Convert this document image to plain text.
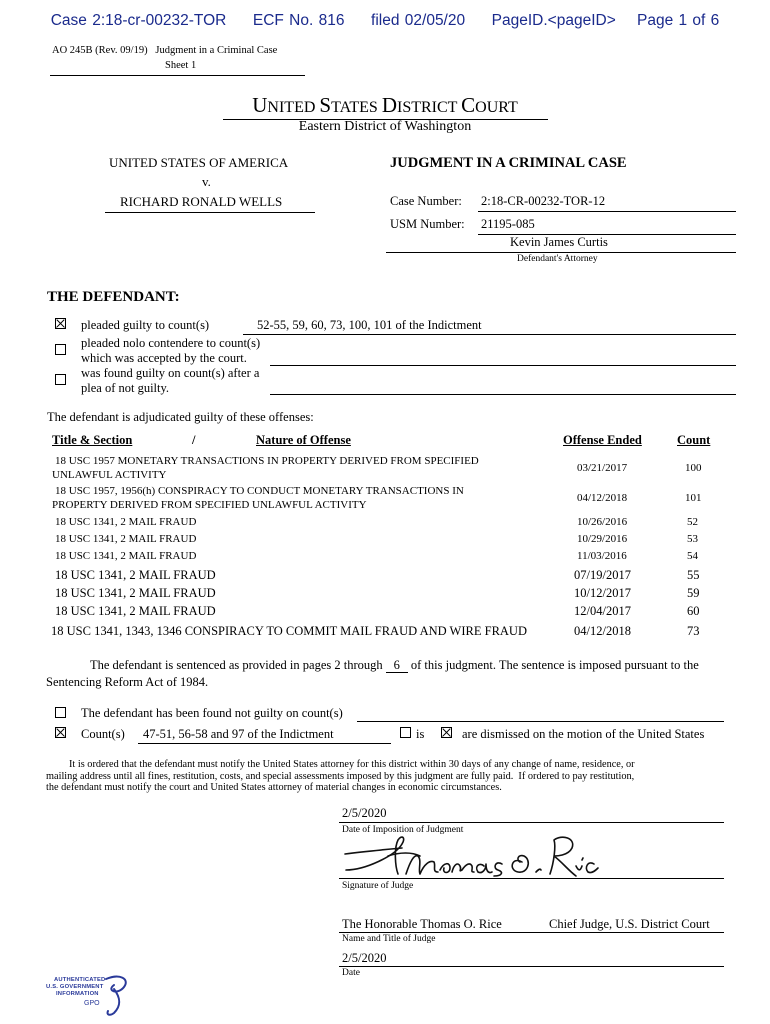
Case 2:18-cr-00232-TOR ECF No. 816 filed 02/05/20 PageID.<pageID> Page 1 of 6
AO 245B (Rev. 09/19)   Judgment in a Criminal Case
Sheet 1
UNITED STATES DISTRICT COURT
Eastern District of Washington
UNITED STATES OF AMERICA
v.
RICHARD RONALD WELLS
JUDGMENT IN A CRIMINAL CASE
Case Number: 2:18-CR-00232-TOR-12
USM Number: 21195-085
Kevin James Curtis
Defendant's Attorney
THE DEFENDANT:
pleaded guilty to count(s)	52-55, 59, 60, 73, 100, 101 of the Indictment
pleaded nolo contendere to count(s)
which was accepted by the court.
was found guilty on count(s) after a
plea of not guilty.
The defendant is adjudicated guilty of these offenses:
Title & Section	/	Nature of Offense	Offense Ended	Count
18 USC 1957 MONETARY TRANSACTIONS IN PROPERTY DERIVED FROM SPECIFIED
UNLAWFUL ACTIVITY
03/21/2017	100
18 USC 1957, 1956(h) CONSPIRACY TO CONDUCT MONETARY TRANSACTIONS IN
PROPERTY DERIVED FROM SPECIFIED UNLAWFUL ACTIVITY
04/12/2018	101
18 USC 1341, 2 MAIL FRAUD	10/26/2016	52
18 USC 1341, 2 MAIL FRAUD	10/29/2016	53
18 USC 1341, 2 MAIL FRAUD	11/03/2016	54
18 USC 1341, 2 MAIL FRAUD	07/19/2017	55
18 USC 1341, 2 MAIL FRAUD	10/12/2017	59
18 USC 1341, 2 MAIL FRAUD	12/04/2017	60
18 USC 1341, 1343, 1346 CONSPIRACY TO COMMIT MAIL FRAUD AND WIRE FRAUD	04/12/2018	73
The defendant is sentenced as provided in pages 2 through 6 of this judgment. The sentence is imposed pursuant to the
Sentencing Reform Act of 1984.
The defendant has been found not guilty on count(s)
Count(s) 47-51, 56-58 and 97 of the Indictment	is	are dismissed on the motion of the United States
It is ordered that the defendant must notify the United States attorney for this district within 30 days of any change of name, residence, or
mailing address until all fines, restitution, costs, and special assessments imposed by this judgment are fully paid.  If ordered to pay restitution,
the defendant must notify the court and United States attorney of material changes in economic circumstances.
2/5/2020
Date of Imposition of Judgment
Signature of Judge
The Honorable Thomas O. Rice	Chief Judge, U.S. District Court
Name and Title of Judge
2/5/2020
Date
AUTHENTICATED
U.S. GOVERNMENT
INFORMATION
GPO
